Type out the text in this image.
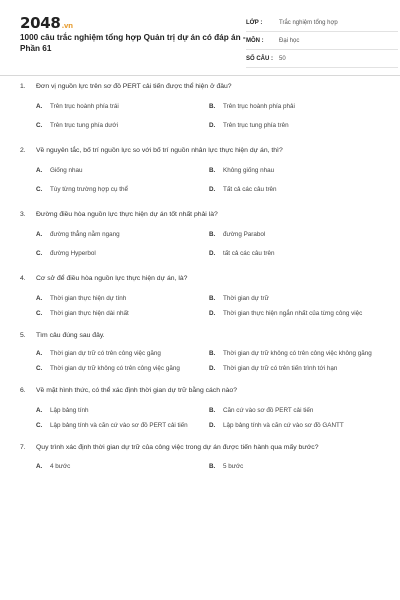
2048.vn
1000 câu trắc nghiệm tổng hợp Quản trị dự án có đáp án - Phần 61
LỚP :	Trắc nghiệm tổng hợp
MÔN :	Đại học
SỐ CÂU :	50
1.	Đơn vị nguồn lực trên sơ đồ PERT cải tiến được thể hiện ở đâu?
A.	Trên trục hoành phía trái	B.	Trên trục hoành phía phải
C.	Trên trục tung phía dưới	D.	Trên trục tung phía trên
2.	Về nguyên tắc, bố trí nguồn lực so với bố trí nguồn nhân lực thực hiện dự án, thì?
A.	Giống nhau	B.	Không giống nhau
C.	Tùy từng trường hợp cụ thể	D.	Tất cả các câu trên
3.	Đường điều hòa nguồn lực thực hiện dự án tốt nhất phải là?
A.	đường thẳng nằm ngang	B.	đường Parabol
C.	đường Hyperbol	D.	tất cả các câu trên
4.	Cơ sở để điều hòa nguồn lực thực hiện dự án, là?
A.	Thời gian thực hiện dự tính	B.	Thời gian dự trữ
C.	Thời gian thực hiện dài nhất	D.	Thời gian thực hiện ngắn nhất của từng công việc
5.	Tìm câu đúng sau đây.
A.	Thời gian dự trữ có trên công việc găng	B.	Thời gian dự trữ không có trên công việc không găng
C.	Thời gian dự trữ không có trên công việc găng	D.	Thời gian dự trữ có trên tiến trình tới hạn
6.	Về mặt hình thức, có thể xác định thời gian dự trữ bằng cách nào?
A.	Lập bảng tính	B.	Căn cứ vào sơ đồ PERT cải tiến
C.	Lập bảng tính và căn cứ vào sơ đồ PERT cải tiến	D.	Lập bảng tính và căn cứ vào sơ đồ GANTT
7.	Quy trình xác định thời gian dự trữ của công việc trong dự án được tiến hành qua mấy bước?
A.	4 bước	B.	5 bước
